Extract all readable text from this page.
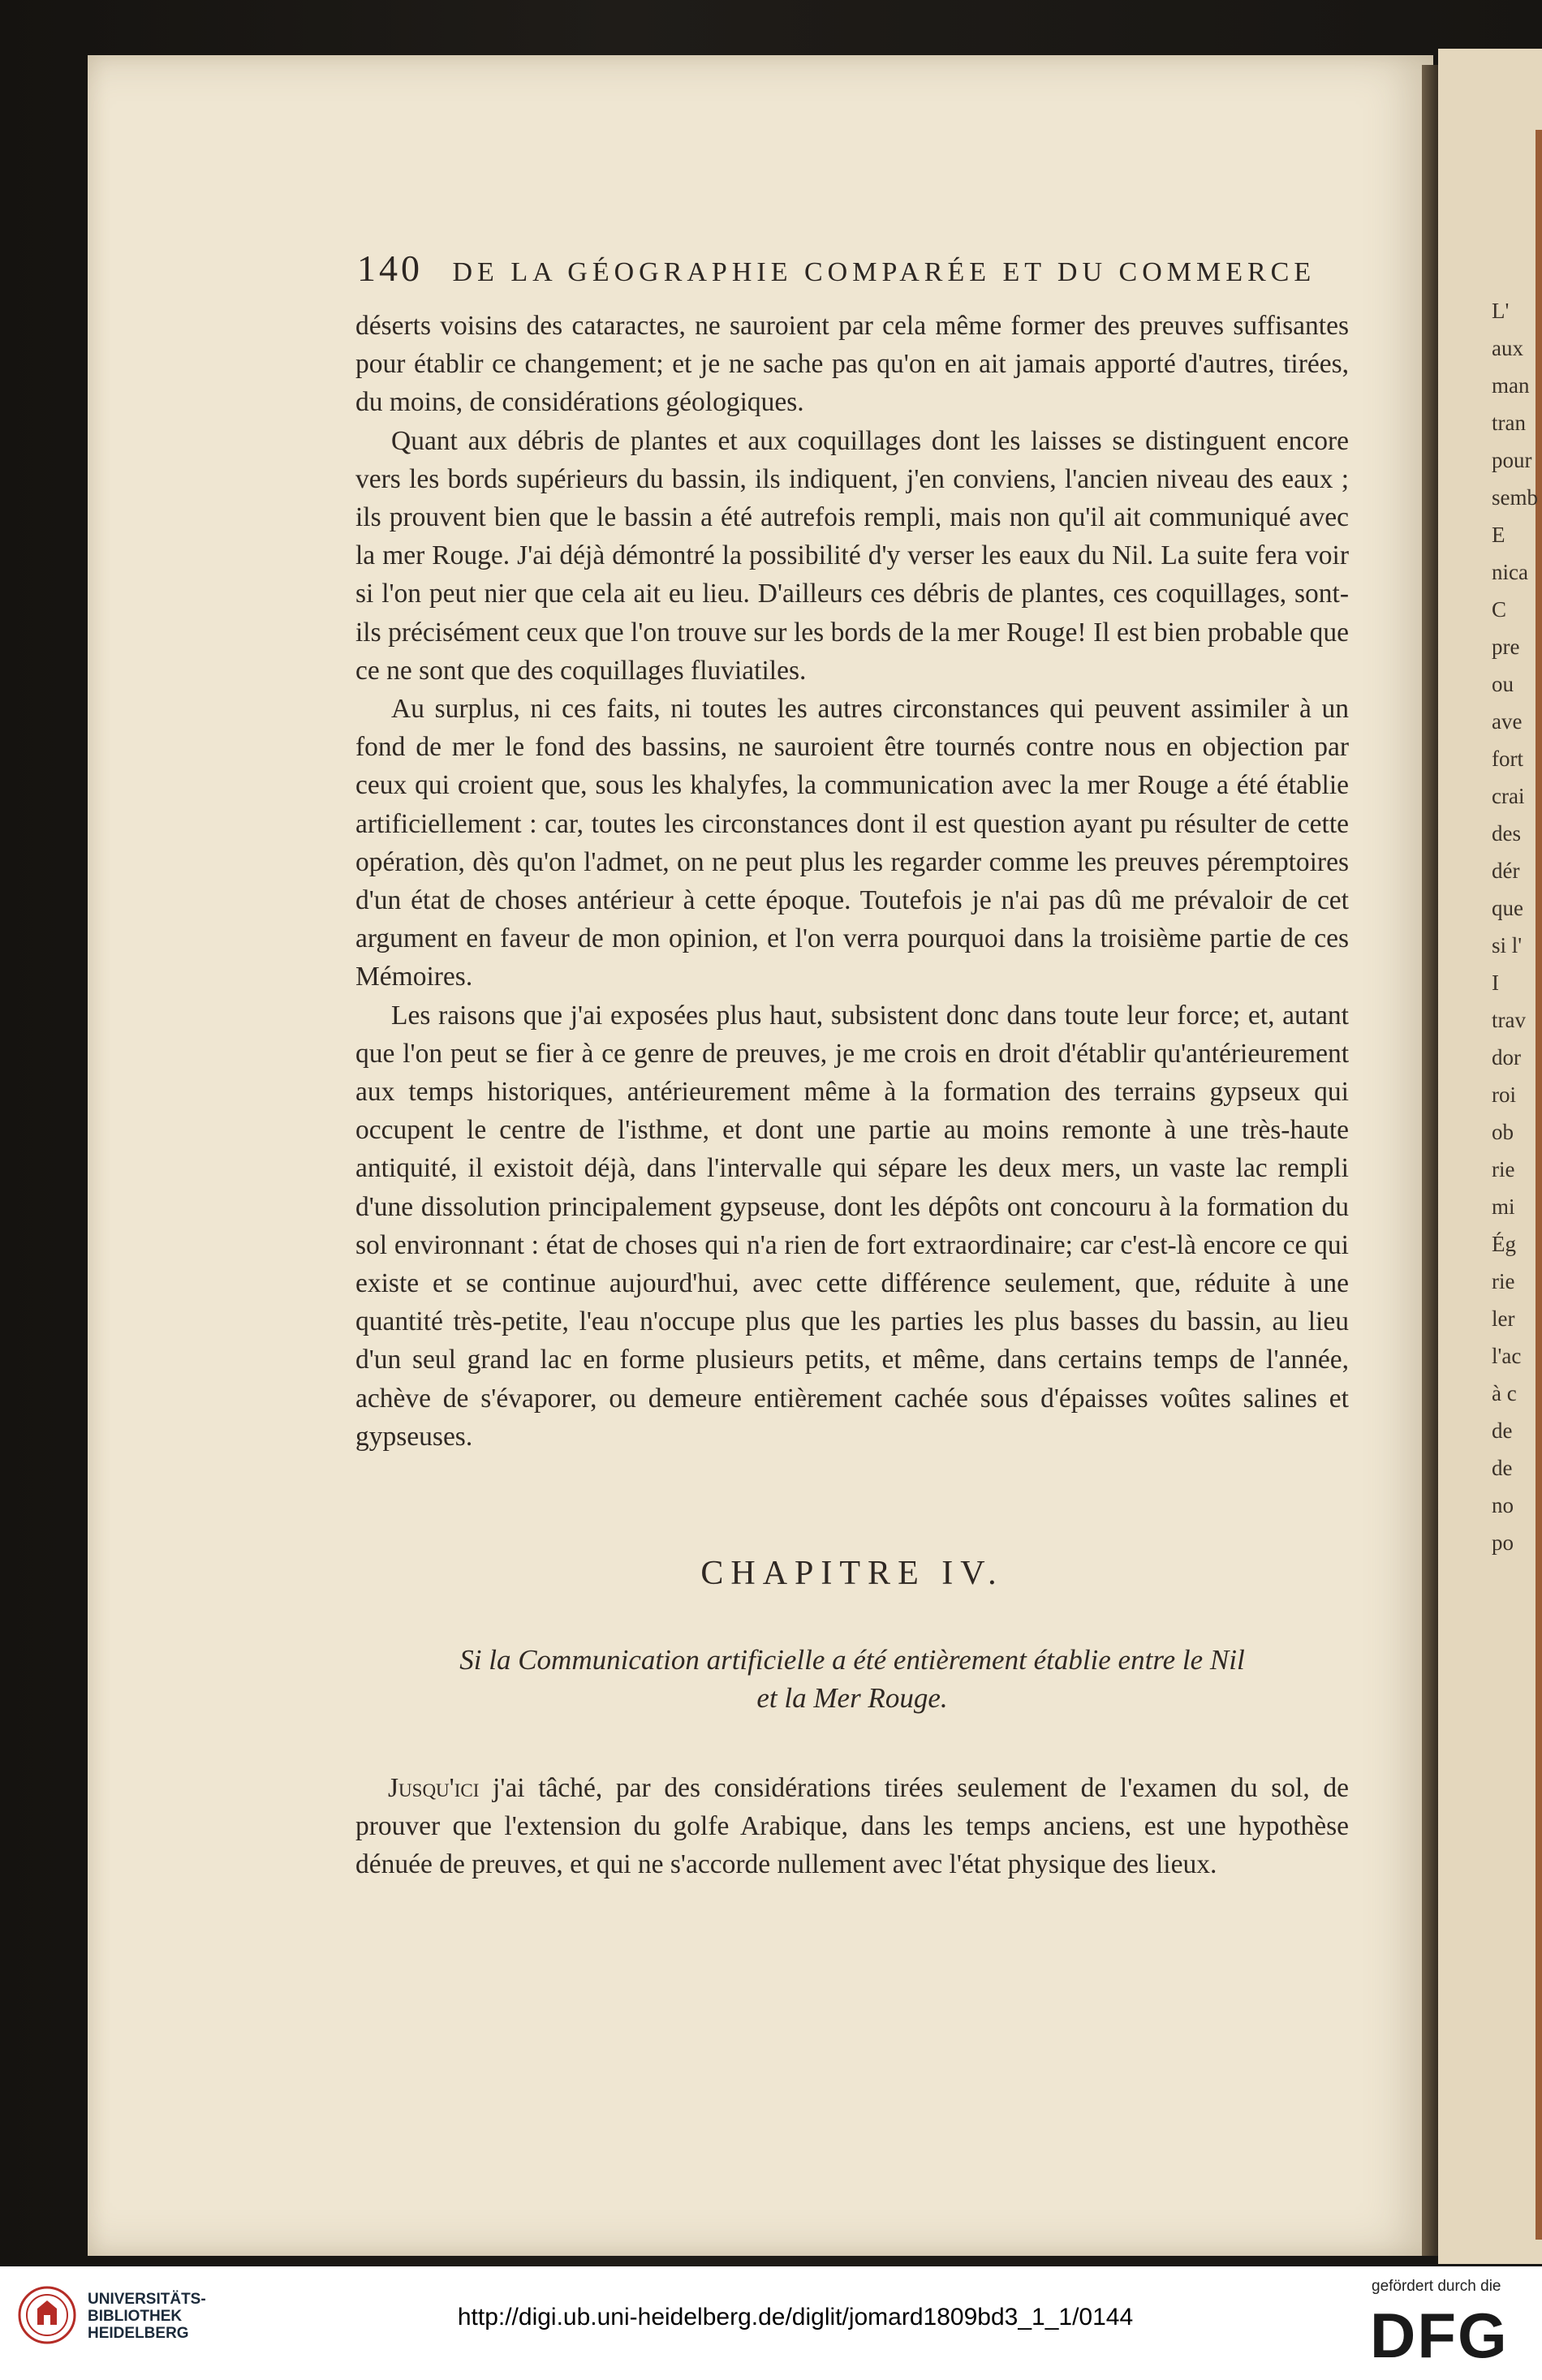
140 DE LA GÉOGRAPHIE COMPARÉE ET DU COMMERCE

déserts voisins des cataractes, ne sauroient par cela même former des preuves suffisantes pour établir ce changement; et je ne sache pas qu'on en ait jamais apporté d'autres, tirées, du moins, de considérations géologiques.

Quant aux débris de plantes et aux coquillages dont les laisses se distinguent encore vers les bords supérieurs du bassin, ils indiquent, j'en conviens, l'ancien niveau des eaux ; ils prouvent bien que le bassin a été autrefois rempli, mais non qu'il ait communiqué avec la mer Rouge. J'ai déjà démontré la possibilité d'y verser les eaux du Nil. La suite fera voir si l'on peut nier que cela ait eu lieu. D'ailleurs ces débris de plantes, ces coquillages, sont-ils précisément ceux que l'on trouve sur les bords de la mer Rouge! Il est bien probable que ce ne sont que des coquillages fluviatiles.

Au surplus, ni ces faits, ni toutes les autres circonstances qui peuvent assimiler à un fond de mer le fond des bassins, ne sauroient être tournés contre nous en objection par ceux qui croient que, sous les khalyfes, la communication avec la mer Rouge a été établie artificiellement : car, toutes les circonstances dont il est question ayant pu résulter de cette opération, dès qu'on l'admet, on ne peut plus les regarder comme les preuves péremptoires d'un état de choses antérieur à cette époque. Toutefois je n'ai pas dû me prévaloir de cet argument en faveur de mon opinion, et l'on verra pourquoi dans la troisième partie de ces Mémoires.

Les raisons que j'ai exposées plus haut, subsistent donc dans toute leur force; et, autant que l'on peut se fier à ce genre de preuves, je me crois en droit d'établir qu'antérieurement aux temps historiques, antérieurement même à la formation des terrains gypseux qui occupent le centre de l'isthme, et dont une partie au moins remonte à une très-haute antiquité, il existoit déjà, dans l'intervalle qui sépare les deux mers, un vaste lac rempli d'une dissolution principalement gypseuse, dont les dépôts ont concouru à la formation du sol environnant : état de choses qui n'a rien de fort extraordinaire; car c'est-là encore ce qui existe et se continue aujourd'hui, avec cette différence seulement, que, réduite à une quantité très-petite, l'eau n'occupe plus que les parties les plus basses du bassin, au lieu d'un seul grand lac en forme plusieurs petits, et même, dans certains temps de l'année, achève de s'évaporer, ou demeure entièrement cachée sous d'épaisses voûtes salines et gypseuses.

CHAPITRE IV.
Si la Communication artificielle a été entièrement établie entre le Nil
et la Mer Rouge.

Jusqu'ici j'ai tâché, par des considérations tirées seulement de l'examen du sol, de prouver que l'extension du golfe Arabique, dans les temps anciens, est une hypothèse dénuée de preuves, et qui ne s'accorde nullement avec l'état physique des lieux.

L'
aux
man
tran
pour
semb
E
nica
C
pre
ou
ave
fort
crai
des
dér
que
si l'
I
trav
dor
roi
ob
rie
mi
Ég
rie
ler
l'ac
à c
de
de
no
po
UNIVERSITÄTS-
BIBLIOTHEK
HEIDELBERG
http://digi.ub.uni-heidelberg.de/diglit/jomard1809bd3_1_1/0144
gefördert durch die
DFG
